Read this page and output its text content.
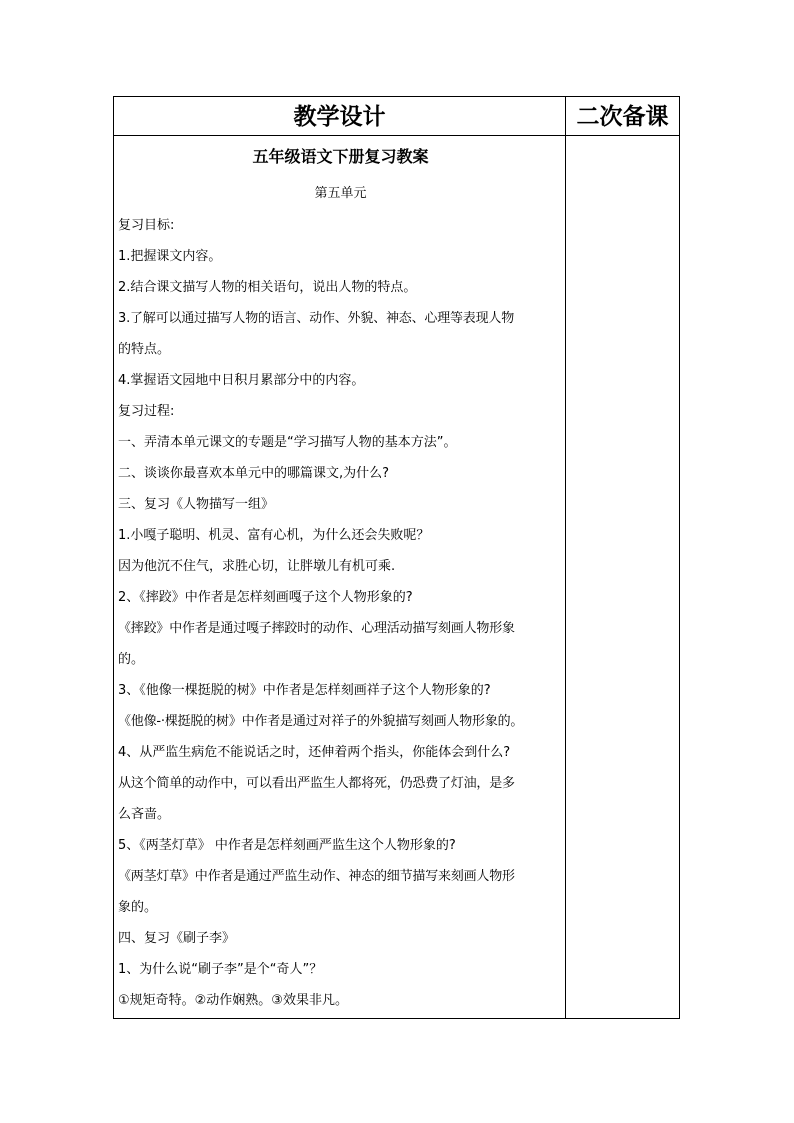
教学设计	二次备课
五年级语文下册复习教案
第五单元
复习目标:
1.把握课文内容。
2.结合课文描写人物的相关语句，说出人物的特点。
3.了解可以通过描写人物的语言、动作、外貌、神态、心理等表现人物
的特点。
4.掌握语文园地中日积月累部分中的内容。
复习过程:
一、弄清本单元课文的专题是“学习描写人物的基本方法”。
二、谈谈你最喜欢本单元中的哪篇课文,为什么?
三、复习《人物描写一组》
1.小嘎子聪明、机灵、富有心机，为什么还会失败呢？
因为他沉不住气，求胜心切，让胖墩儿有机可乘.
2、《摔跤》中作者是怎样刻画嘎子这个人物形象的?
《摔跤》中作者是通过嘎子摔跤时的动作、心理活动描写刻画人物形象
的。
3、《他像一棵挺脱的树》中作者是怎样刻画祥子这个人物形象的?
《他像-·棵挺脱的树》中作者是通过对祥子的外貌描写刻画人物形象的。
4、从严监生病危不能说话之时，还伸着两个指头，你能体会到什么?
从这个简单的动作中，可以看出严监生人都将死，仍恐费了灯油，是多
么吝啬。
5、《两茎灯草》 中作者是怎样刻画严监生这个人物形象的?
《两茎灯草》中作者是通过严监生动作、神态的细节描写来刻画人物形
象的。
四、复习《刷子李》
1、为什么说“刷子李”是个“奇人”？
①规矩奇特。②动作娴熟。③效果非凡。
